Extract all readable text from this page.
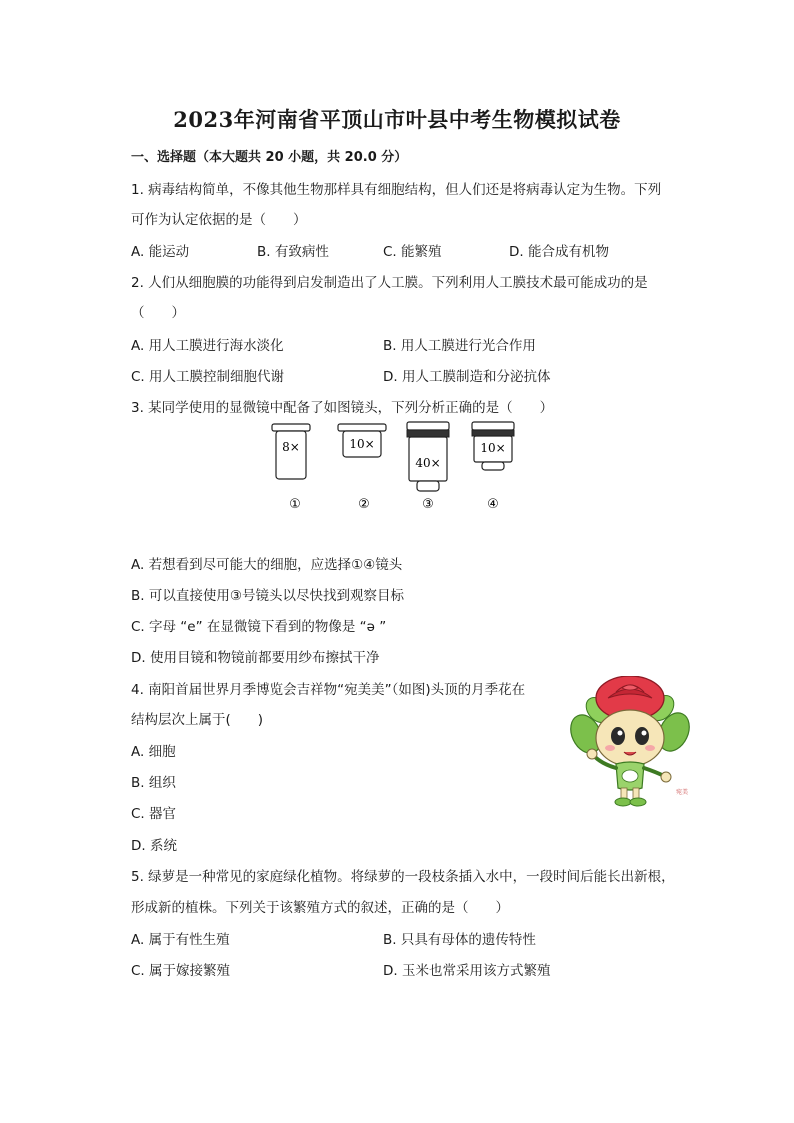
2023年河南省平顶山市叶县中考生物模拟试卷
一、选择题（本大题共 20 小题，共 20.0 分）
1. 病毒结构简单，不像其他生物那样具有细胞结构，但人们还是将病毒认定为生物。下列
可作为认定依据的是（　　）
A. 能运动	B. 有致病性	C. 能繁殖	D. 能合成有机物
2. 人们从细胞膜的功能得到启发制造出了人工膜。下列利用人工膜技术最可能成功的是
（　　）
A. 用人工膜进行海水淡化	B. 用人工膜进行光合作用
C. 用人工膜控制细胞代谢	D. 用人工膜制造和分泌抗体
3. 某同学使用的显微镜中配备了如图镜头，下列分析正确的是（　　）
8×	10×
40×
10×
①	②	③	④
A. 若想看到尽可能大的细胞，应选择①④镜头
B. 可以直接使用③号镜头以尽快找到观察目标
C. 字母 “e” 在显微镜下看到的物像是 “ə ”
D. 使用目镜和物镜前都要用纱布擦拭干净
4. 南阳首届世界月季博览会吉祥物“宛美美”（如图)头顶的月季花在
结构层次上属于(　　)
A. 细胞
B. 组织
C. 器官
D. 系统
宛美
5. 绿萝是一种常见的家庭绿化植物。将绿萝的一段枝条插入水中，一段时间后能长出新根，
形成新的植株。下列关于该繁殖方式的叙述，正确的是（　　）
A. 属于有性生殖	B. 只具有母体的遗传特性
C. 属于嫁接繁殖	D. 玉米也常采用该方式繁殖
